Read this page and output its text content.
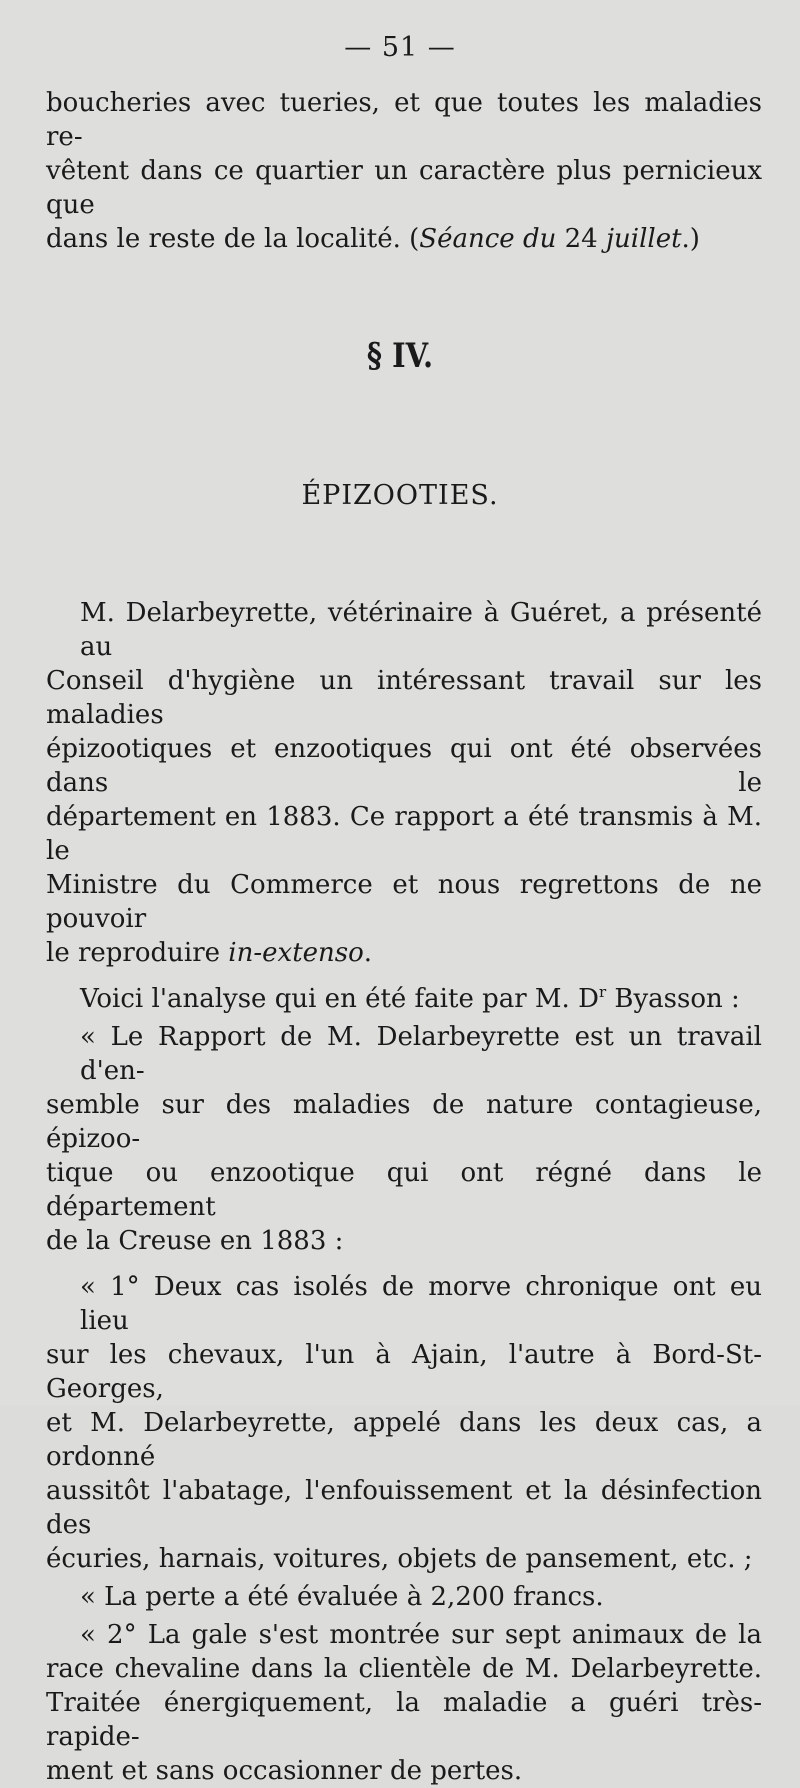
— 51 —

boucheries avec tueries, et que toutes les maladies re-
vêtent dans ce quartier un caractère plus pernicieux que
dans le reste de la localité. (Séance du 24 juillet.)

§ IV.
ÉPIZOOTIES.

M. Delarbeyrette, vétérinaire à Guéret, a présenté au
Conseil d'hygiène un intéressant travail sur les maladies
épizootiques et enzootiques qui ont été observées dans le
département en 1883. Ce rapport a été transmis à M. le
Ministre du Commerce et nous regrettons de ne pouvoir
le reproduire in-extenso.

Voici l'analyse qui en été faite par M. $D^r$ Byasson :

« Le Rapport de M. Delarbeyrette est un travail d'en-
semble sur des maladies de nature contagieuse, épizoo-
tique ou enzootique qui ont régné dans le département
de la Creuse en 1883 :

« 1° Deux cas isolés de morve chronique ont eu lieu
sur les chevaux, l'un à Ajain, l'autre à Bord-St-Georges,
et M. Delarbeyrette, appelé dans les deux cas, a ordonné
aussitôt l'abatage, l'enfouissement et la désinfection des
écuries, harnais, voitures, objets de pansement, etc. ;

« La perte a été évaluée à 2,200 francs.

« 2° La gale s'est montrée sur sept animaux de la
race chevaline dans la clientèle de M. Delarbeyrette.
Traitée énergiquement, la maladie a guéri très-rapide-
ment et sans occasionner de pertes.
